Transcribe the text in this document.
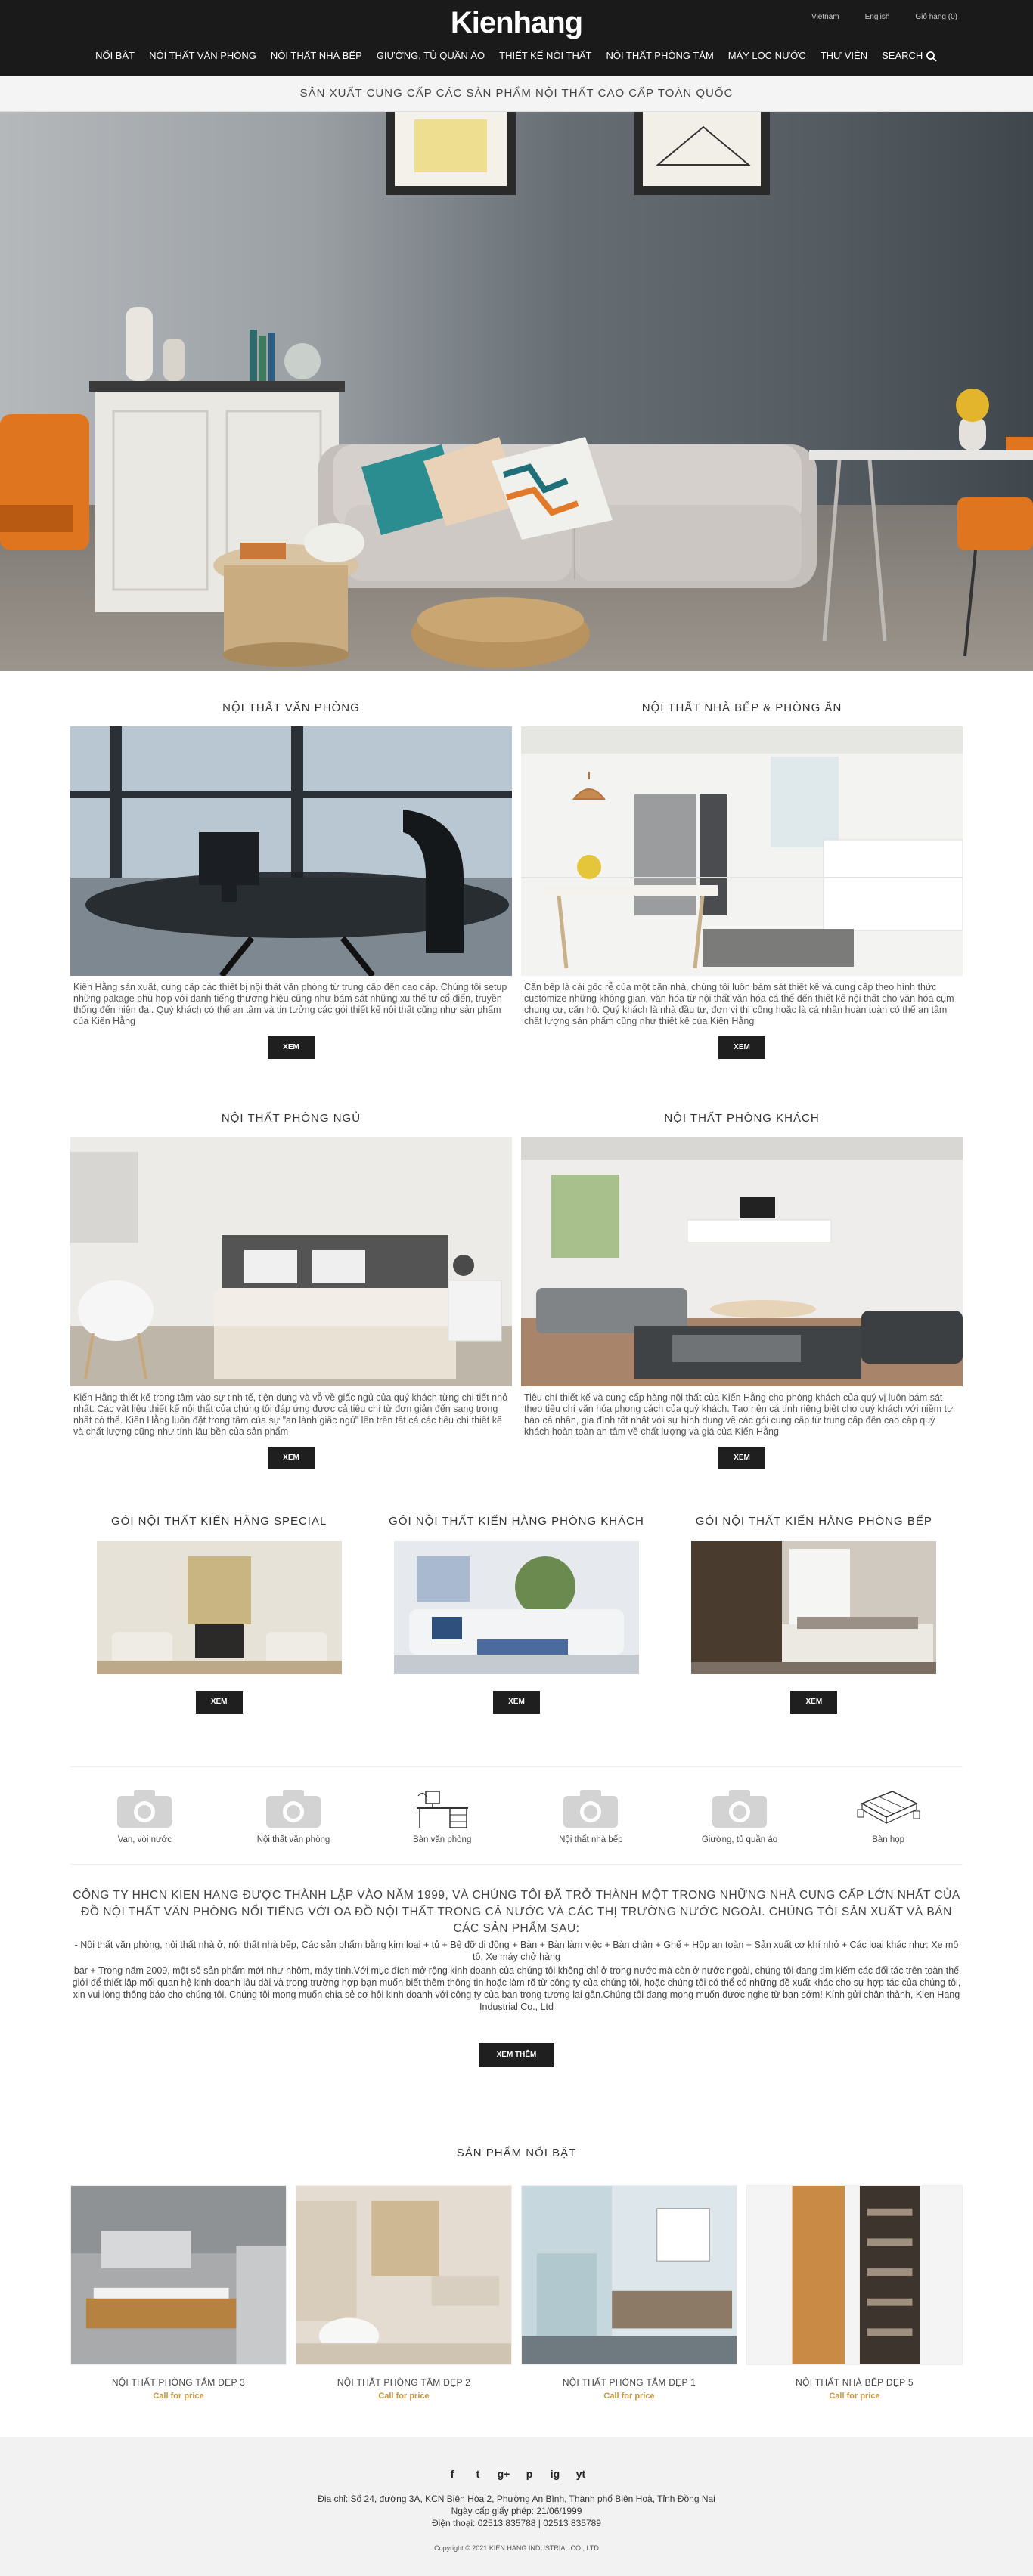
Kienhang	Vietnam	English	Giỏ hàng (0)
NỔI BẬT NỘI THẤT VĂN PHÒNG NỘI THẤT NHÀ BẾP GIƯỜNG, TỦ QUẦN ÁO THIẾT KẾ NỘI THẤT NỘI THẤT PHÒNG TẮM MÁY LỌC NƯỚC THƯ VIỆN SEARCH
SẢN XUẤT CUNG CẤP CÁC SẢN PHẨM NỘI THẤT CAO CẤP TOÀN QUỐC
NỘI THẤT VĂN PHÒNG
Kiến Hằng sản xuất, cung cấp các thiết bị nội thất văn phòng từ trung cấp đến cao cấp. Chúng tôi setup những pakage phù hợp với danh tiếng thương hiệu cũng như bám sát những xu thế từ cổ điển, truyền thống đến hiện đại. Quý khách có thể an tâm và tin tưởng các gói thiết kế nội thất cũng như sản phẩm của Kiến Hằng
XEM
NỘI THẤT NHÀ BẾP & PHÒNG ĂN
Căn bếp là cái gốc rễ của một căn nhà, chúng tôi luôn bám sát thiết kế và cung cấp theo hình thức customize những không gian, văn hóa từ nội thất văn hóa cá thể đến thiết kế nội thất cho văn hóa cụm chung cư, căn hộ. Quý khách là nhà đầu tư, đơn vị thi công hoặc là cá nhân hoàn toàn có thể an tâm chất lượng sản phẩm cũng như thiết kế của Kiến Hằng
XEM
NỘI THẤT PHÒNG NGỦ
Kiến Hằng thiết kế trong tâm vào sự tinh tế, tiện dụng và vỗ về giấc ngủ của quý khách từng chi tiết nhỏ nhất. Các vật liệu thiết kế nội thất của chúng tôi đáp ứng được cả tiêu chí từ đơn giản đến sang trọng nhất có thể. Kiến Hằng luôn đặt trong tâm của sự "an lành giấc ngủ" lên trên tất cả các tiêu chí thiết kế và chất lượng cũng như tính lâu bền của sản phẩm
XEM
NỘI THẤT PHÒNG KHÁCH
Tiêu chí thiết kế và cung cấp hàng nội thất của Kiến Hằng cho phòng khách của quý vị luôn bám sát theo tiêu chí văn hóa phong cách của quý khách. Tạo nên cá tính riêng biệt cho quý khách với niềm tự hào cá nhân, gia đình tốt nhất với sự hình dung về các gói cung cấp từ trung cấp đến cao cấp quý khách hoàn toàn an tâm về chất lượng và giá của Kiến Hằng
XEM
GÓI NỘI THẤT KIẾN HẰNG SPECIAL
XEM
GÓI NỘI THẤT KIẾN HẰNG PHÒNG KHÁCH
XEM
GÓI NỘI THẤT KIẾN HẰNG PHÒNG BẾP
XEM
Van, vòi nước	Nội thất văn phòng	Bàn văn phòng	Nội thất nhà bếp	Giường, tủ quần áo	Bàn họp
CÔNG TY HHCN KIEN HANG ĐƯỢC THÀNH LẬP VÀO NĂM 1999, VÀ CHÚNG TÔI ĐÃ TRỞ THÀNH MỘT TRONG NHỮNG NHÀ CUNG CẤP LỚN NHẤT CỦA ĐỒ NỘI THẤT VĂN PHÒNG NỔI TIẾNG VỚI OA ĐỒ NỘI THẤT TRONG CẢ NƯỚC VÀ CÁC THỊ TRƯỜNG NƯỚC NGOÀI. CHÚNG TÔI SẢN XUẤT VÀ BÁN CÁC SẢN PHẨM SAU:
- Nội thất văn phòng, nội thất nhà ở, nội thất nhà bếp, Các sản phẩm bằng kim loại + tủ + Bệ đỡ di động + Bàn + Bàn làm việc + Bàn chân + Ghế + Hộp an toàn + Sản xuất cơ khí nhỏ + Các loại khác như: Xe mô tô, Xe máy chở hàng
bar + Trong năm 2009, một số sản phẩm mới như nhôm, máy tính.Với mục đích mở rộng kinh doanh của chúng tôi không chỉ ở trong nước mà còn ở nước ngoài, chúng tôi đang tìm kiếm các đối tác trên toàn thế giới để thiết lập mối quan hệ kinh doanh lâu dài và trong trường hợp bạn muốn biết thêm thông tin hoặc làm rõ từ công ty của chúng tôi, hoặc chúng tôi có thể có những đề xuất khác cho sự hợp tác của chúng tôi, xin vui lòng thông báo cho chúng tôi. Chúng tôi mong muốn chia sẻ cơ hội kinh doanh với công ty của bạn trong tương lai gần.Chúng tôi đang mong muốn được nghe từ bạn sớm! Kính gửi chân thành, Kien Hang Industrial Co., Ltd
XEM THÊM
SẢN PHẨM NỔI BẬT
NỘI THẤT PHÒNG TẮM ĐẸP 3
Call for price
NỘI THẤT PHÒNG TẮM ĐẸP 2
Call for price
NỘI THẤT PHÒNG TẮM ĐẸP 1
Call for price
NỘI THẤT NHÀ BẾP ĐẸP 5
Call for price
f	t	g+	p	ig yt
Địa chỉ: Số 24, đường 3A, KCN Biên Hòa 2, Phường An Bình, Thành phố Biên Hoà, Tỉnh Đồng Nai
Ngày cấp giấy phép: 21/06/1999
Điện thoại: 02513 835788 | 02513 835789
Copyright © 2021 KIEN HANG INDUSTRIAL CO., LTD
